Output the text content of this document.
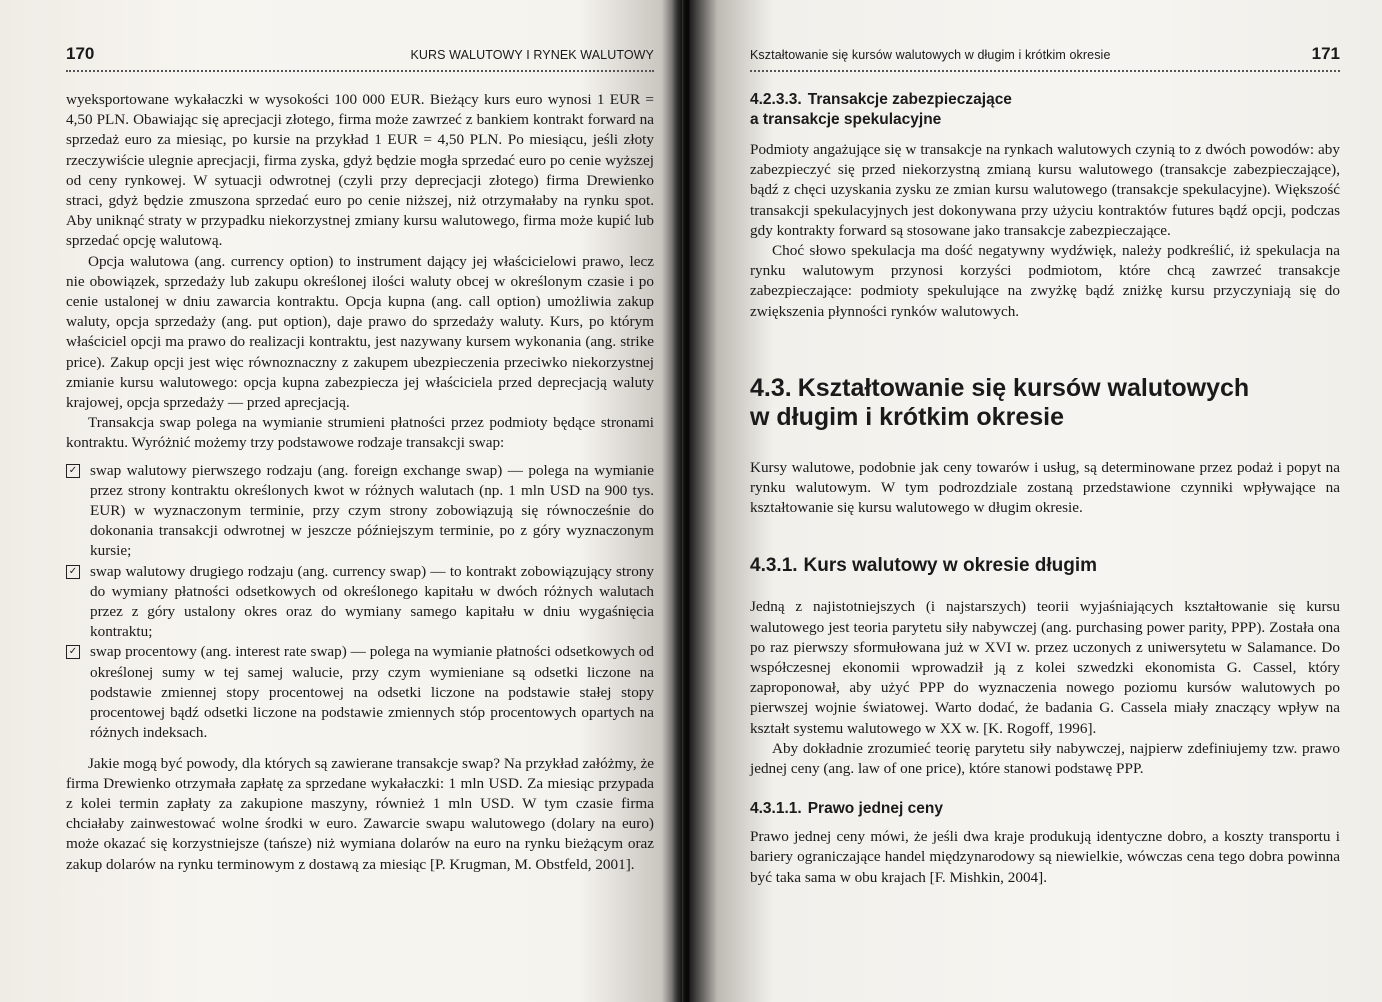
170	KURS WALUTOWY I RYNEK WALUTOWY

wyeksportowane wykałaczki w wysokości 100 000 EUR. Bieżący kurs euro wynosi 1 EUR = 4,50 PLN. Obawiając się aprecjacji złotego, firma może zawrzeć z bankiem kontrakt forward na sprzedaż euro za miesiąc, po kursie na przykład 1 EUR = 4,50 PLN. Po miesiącu, jeśli złoty rzeczywiście ulegnie aprecjacji, firma zyska, gdyż będzie mogła sprzedać euro po cenie wyższej od ceny rynkowej. W sytuacji odwrotnej (czyli przy deprecjacji złotego) firma Drewienko straci, gdyż będzie zmuszona sprzedać euro po cenie niższej, niż otrzymałaby na rynku spot. Aby uniknąć straty w przypadku niekorzystnej zmiany kursu walutowego, firma może kupić lub sprzedać opcję walutową.

Opcja walutowa (ang. currency option) to instrument dający jej właścicielowi prawo, lecz nie obowiązek, sprzedaży lub zakupu określonej ilości waluty obcej w określonym czasie i po cenie ustalonej w dniu zawarcia kontraktu. Opcja kupna (ang. call option) umożliwia zakup waluty, opcja sprzedaży (ang. put option), daje prawo do sprzedaży waluty. Kurs, po którym właściciel opcji ma prawo do realizacji kontraktu, jest nazywany kursem wykonania (ang. strike price). Zakup opcji jest więc równoznaczny z zakupem ubezpieczenia przeciwko niekorzystnej zmianie kursu walutowego: opcja kupna zabezpiecza jej właściciela przed deprecjacją waluty krajowej, opcja sprzedaży — przed aprecjacją.

Transakcja swap polega na wymianie strumieni płatności przez podmioty będące stronami kontraktu. Wyróżnić możemy trzy podstawowe rodzaje transakcji swap:

✓ swap walutowy pierwszego rodzaju (ang. foreign exchange swap) — polega na wymianie przez strony kontraktu określonych kwot w różnych walutach (np. 1 mln USD na 900 tys. EUR) w wyznaczonym terminie, przy czym strony zobowiązują się równocześnie do dokonania transakcji odwrotnej w jeszcze późniejszym terminie, po z góry wyznaczonym kursie;
✓ swap walutowy drugiego rodzaju (ang. currency swap) — to kontrakt zobowiązujący strony do wymiany płatności odsetkowych od określonego kapitału w dwóch różnych walutach przez z góry ustalony okres oraz do wymiany samego kapitału w dniu wygaśnięcia kontraktu;
✓ swap procentowy (ang. interest rate swap) — polega na wymianie płatności odsetkowych od określonej sumy w tej samej walucie, przy czym wymieniane są odsetki liczone na podstawie zmiennej stopy procentowej na odsetki liczone na podstawie stałej stopy procentowej bądź odsetki liczone na podstawie zmiennych stóp procentowych opartych na różnych indeksach.

Jakie mogą być powody, dla których są zawierane transakcje swap? Na przykład załóżmy, że firma Drewienko otrzymała zapłatę za sprzedane wykałaczki: 1 mln USD. Za miesiąc przypada z kolei termin zapłaty za zakupione maszyny, również 1 mln USD. W tym czasie firma chciałaby zainwestować wolne środki w euro. Zawarcie swapu walutowego (dolary na euro) może okazać się korzystniejsze (tańsze) niż wymiana dolarów na euro na rynku bieżącym oraz zakup dolarów na rynku terminowym z dostawą za miesiąc [P. Krugman, M. Obstfeld, 2001].

Kształtowanie się kursów walutowych w długim i krótkim okresie	171
4.2.3.3. Transakcje zabezpieczające
a transakcje spekulacyjne

Podmioty angażujące się w transakcje na rynkach walutowych czynią to z dwóch powodów: aby zabezpieczyć się przed niekorzystną zmianą kursu walutowego (transakcje zabezpieczające), bądź z chęci uzyskania zysku ze zmian kursu walutowego (transakcje spekulacyjne). Większość transakcji spekulacyjnych jest dokonywana przy użyciu kontraktów futures bądź opcji, podczas gdy kontrakty forward są stosowane jako transakcje zabezpieczające.

Choć słowo spekulacja ma dość negatywny wydźwięk, należy podkreślić, iż spekulacja na rynku walutowym przynosi korzyści podmiotom, które chcą zawrzeć transakcje zabezpieczające: podmioty spekulujące na zwyżkę bądź zniżkę kursu przyczyniają się do zwiększenia płynności rynków walutowych.

4.3. Kształtowanie się kursów walutowych
w długim i krótkim okresie

Kursy walutowe, podobnie jak ceny towarów i usług, są determinowane przez podaż i popyt na rynku walutowym. W tym podrozdziale zostaną przedstawione czynniki wpływające na kształtowanie się kursu walutowego w długim okresie.

4.3.1. Kurs walutowy w okresie długim

Jedną z najistotniejszych (i najstarszych) teorii wyjaśniających kształtowanie się kursu walutowego jest teoria parytetu siły nabywczej (ang. purchasing power parity, PPP). Została ona po raz pierwszy sformułowana już w XVI w. przez uczonych z uniwersytetu w Salamance. Do współczesnej ekonomii wprowadził ją z kolei szwedzki ekonomista G. Cassel, który zaproponował, aby użyć PPP do wyznaczenia nowego poziomu kursów walutowych po pierwszej wojnie światowej. Warto dodać, że badania G. Cassela miały znaczący wpływ na kształt systemu walutowego w XX w. [K. Rogoff, 1996].

Aby dokładnie zrozumieć teorię parytetu siły nabywczej, najpierw zdefiniujemy tzw. prawo jednej ceny (ang. law of one price), które stanowi podstawę PPP.

4.3.1.1. Prawo jednej ceny

Prawo jednej ceny mówi, że jeśli dwa kraje produkują identyczne dobro, a koszty transportu i bariery ograniczające handel międzynarodowy są niewielkie, wówczas cena tego dobra powinna być taka sama w obu krajach [F. Mishkin, 2004].
